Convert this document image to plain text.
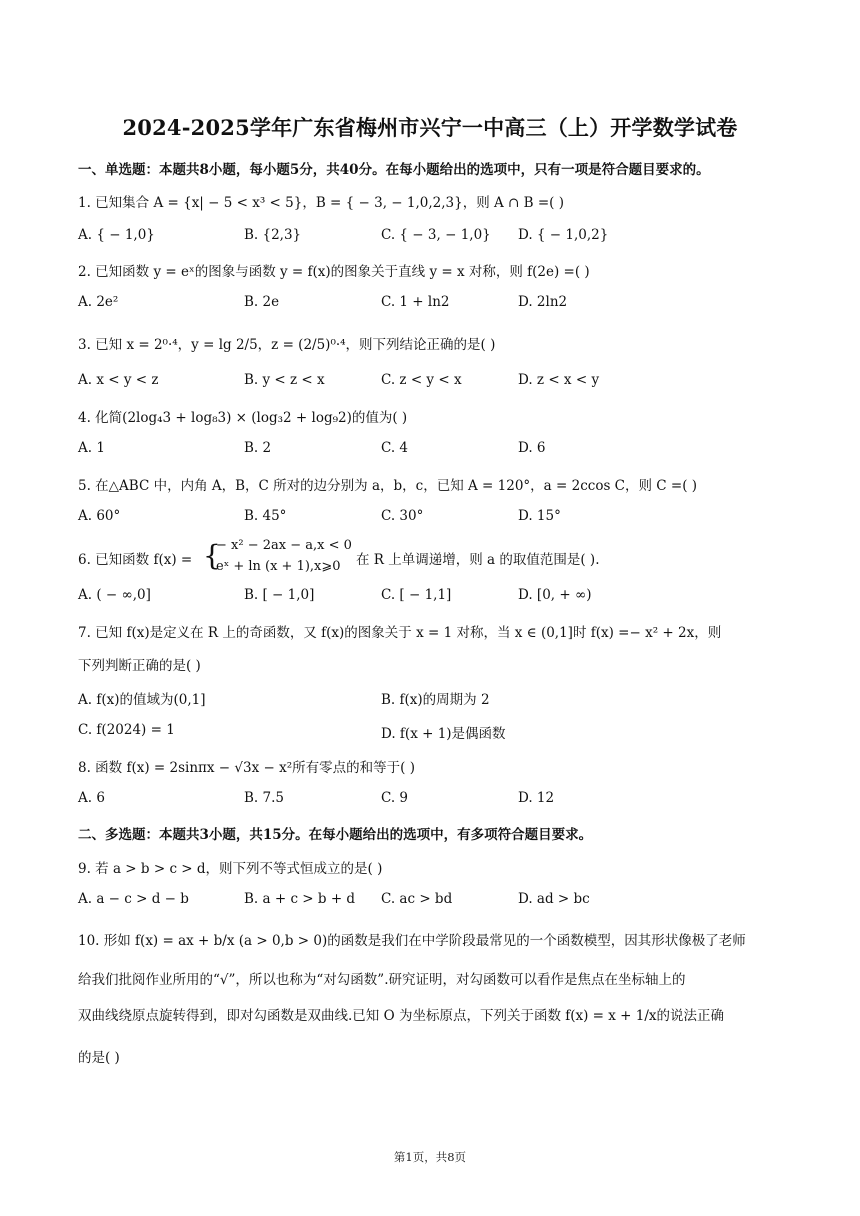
2024-2025学年广东省梅州市兴宁一中高三（上）开学数学试卷
一、单选题：本题共8小题，每小题5分，共40分。在每小题给出的选项中，只有一项是符合题目要求的。
1. 已知集合 A = {x| − 5 < x³ < 5}，B = { − 3, − 1,0,2,3}，则 A ∩ B =( )
A. { − 1,0}	B. {2,3}	C. { − 3, − 1,0} D. { − 1,0,2}
2. 已知函数 y = eˣ的图象与函数 y = f(x)的图象关于直线 y = x 对称，则 f(2e) =( )
A. 2e²	B. 2e	C. 1 + ln2	D. 2ln2
3. 已知 x = 2⁰·⁴，y = lg 2/5，z = (2/5)⁰·⁴，则下列结论正确的是( )
A. x < y < z	B. y < z < x	C. z < y < x	D. z < x < y
4. 化简(2log₄3 + log₈3) × (log₃2 + log₉2)的值为( )
A. 1	B. 2	C. 4	D. 6
5. 在△ABC 中，内角 A，B，C 所对的边分别为 a，b，c，已知 A = 120°，a = 2ccos C，则 C =( )
A. 60°	B. 45°	C. 30°	D. 15°
6. 已知函数 f(x) = {
− x² − 2ax − a,x < 0
eˣ + ln (x + 1),x⩾0 在 R 上单调递增，则 a 的取值范围是( ).
A. ( − ∞,0]	B. [ − 1,0]	C. [ − 1,1]	D. [0, + ∞)
7. 已知 f(x)是定义在 R 上的奇函数，又 f(x)的图象关于 x = 1 对称，当 x ∈ (0,1]时 f(x) =− x² + 2x，则
下列判断正确的是( )
A. f(x)的值域为(0,1]	B. f(x)的周期为 2
C. f(2024) = 1	D. f(x + 1)是偶函数
8. 函数 f(x) = 2sinπx − √3x − x²所有零点的和等于( )
A. 6	B. 7.5	C. 9	D. 12
二、多选题：本题共3小题，共15分。在每小题给出的选项中，有多项符合题目要求。
9. 若 a > b > c > d，则下列不等式恒成立的是( )
A. a − c > d − b	B. a + c > b + d C. ac > bd	D. ad > bc
10. 形如 f(x) = ax + b/x (a > 0,b > 0)的函数是我们在中学阶段最常见的一个函数模型，因其形状像极了老师
给我们批阅作业所用的“√”，所以也称为“对勾函数”.研究证明，对勾函数可以看作是焦点在坐标轴上的
双曲线绕原点旋转得到，即对勾函数是双曲线.已知 O 为坐标原点，下列关于函数 f(x) = x + 1/x的说法正确
的是( )
第1页，共8页
